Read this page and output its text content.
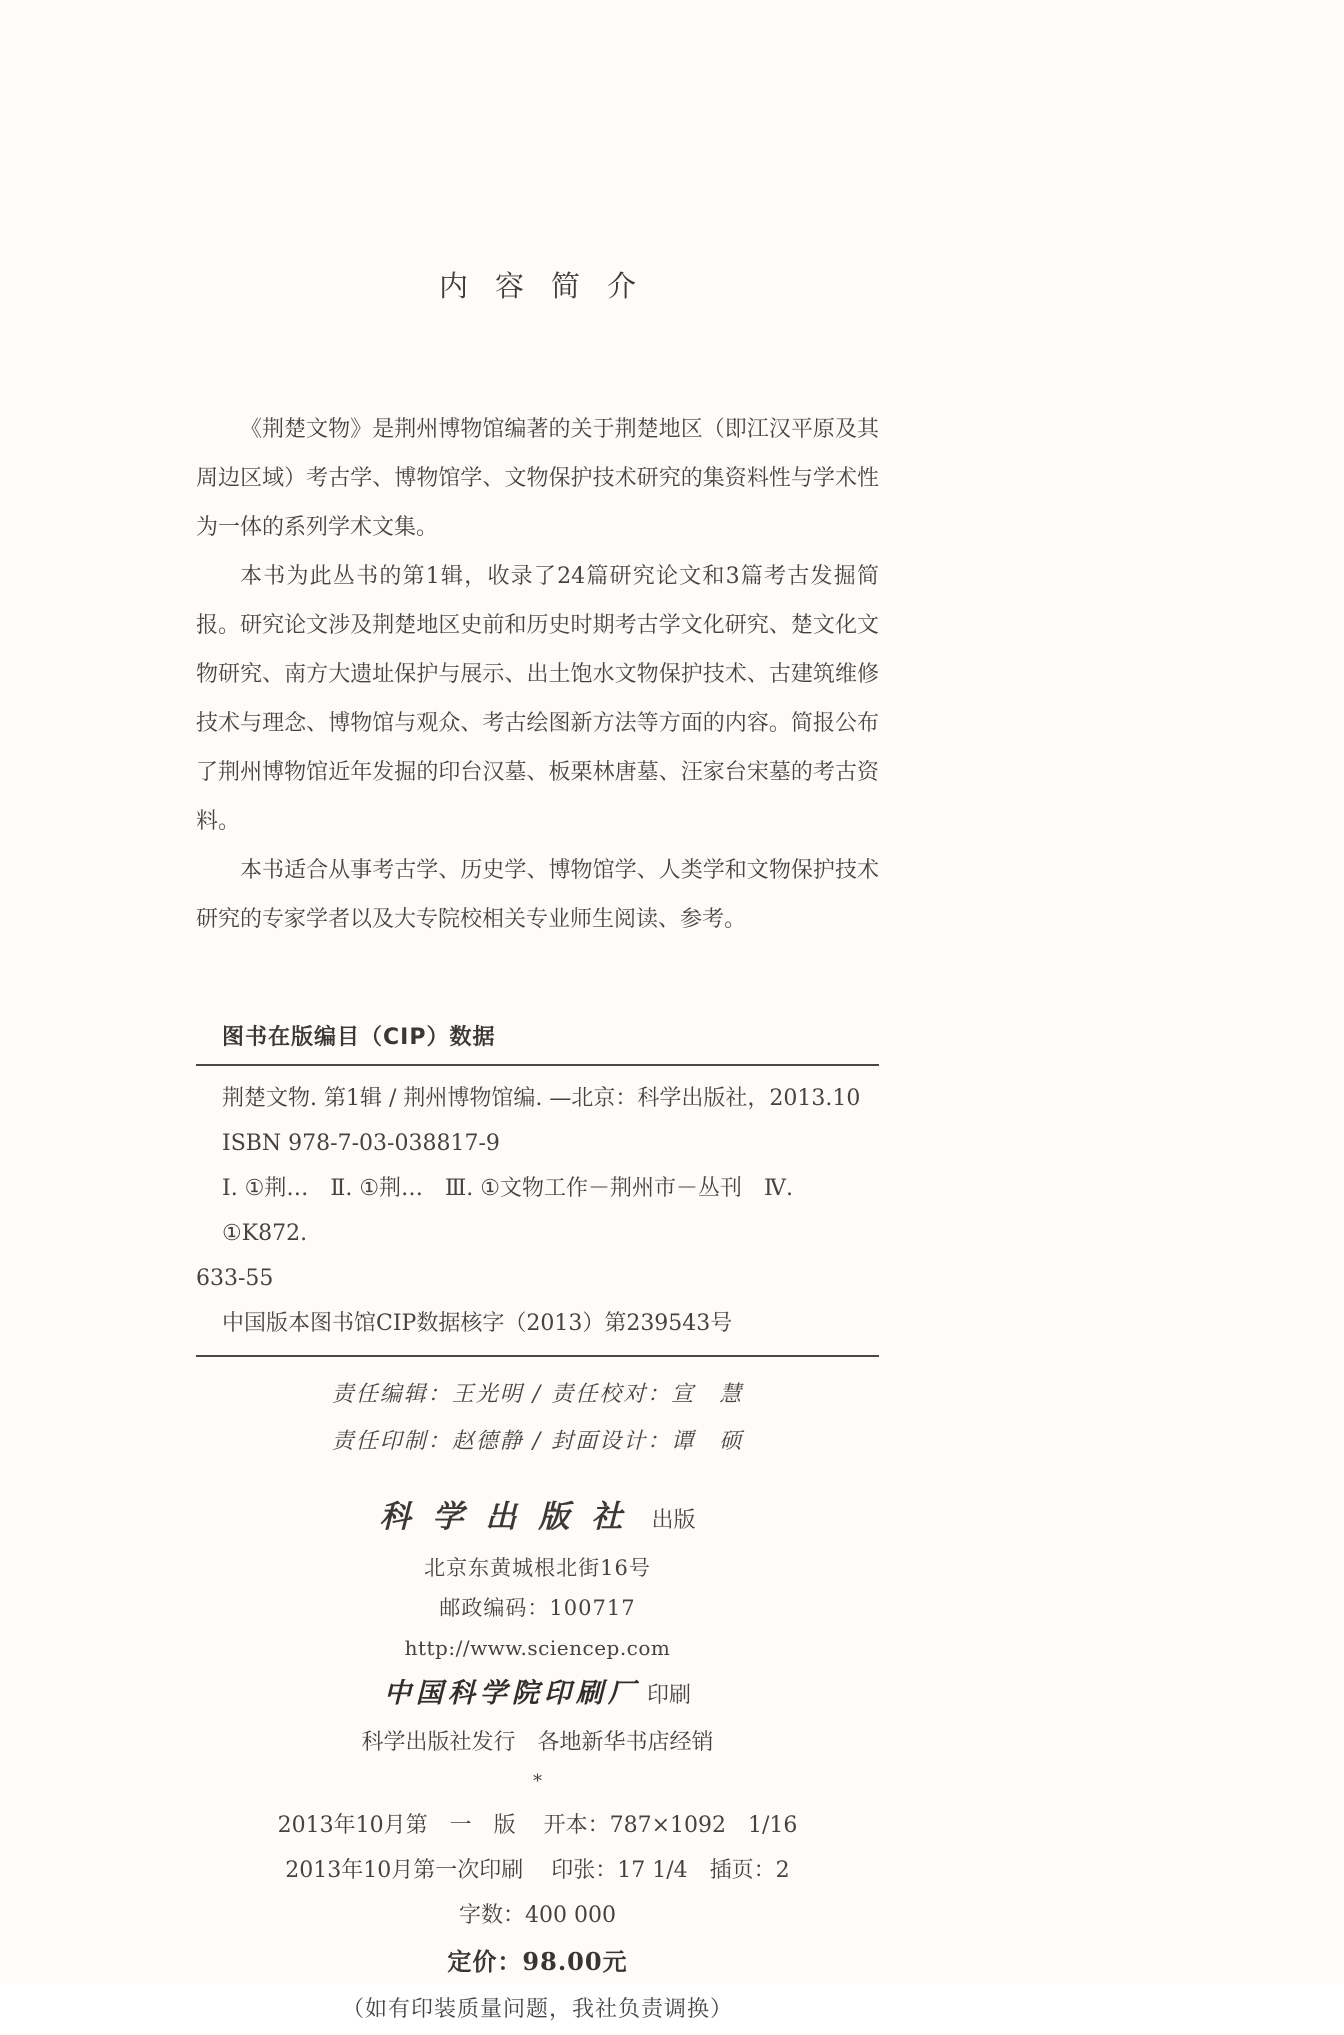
内容简介

《荆楚文物》是荆州博物馆编著的关于荆楚地区（即江汉平原及其周边区域）考古学、博物馆学、文物保护技术研究的集资料性与学术性为一体的系列学术文集。

本书为此丛书的第1辑，收录了24篇研究论文和3篇考古发掘简报。研究论文涉及荆楚地区史前和历史时期考古学文化研究、楚文化文物研究、南方大遗址保护与展示、出土饱水文物保护技术、古建筑维修技术与理念、博物馆与观众、考古绘图新方法等方面的内容。简报公布了荆州博物馆近年发掘的印台汉墓、板栗林唐墓、汪家台宋墓的考古资料。

本书适合从事考古学、历史学、博物馆学、人类学和文物保护技术研究的专家学者以及大专院校相关专业师生阅读、参考。

图书在版编目（CIP）数据
荆楚文物. 第1辑 / 荆州博物馆编. —北京：科学出版社，2013.10
ISBN 978-7-03-038817-9
Ⅰ. ①荆…　Ⅱ. ①荆…　Ⅲ. ①文物工作－荆州市－丛刊　Ⅳ. ①K872.
633-55
中国版本图书馆CIP数据核字（2013）第239543号
责任编辑：王光明 / 责任校对：宣　慧
责任印制：赵德静 / 封面设计：谭　硕
科学出版社 出版
北京东黄城根北街16号
邮政编码：100717
http://www.sciencep.com
中国科学院印刷厂 印刷
科学出版社发行　各地新华书店经销
*
2013年10月第　一　版 开本：787×1092　1/16
2013年10月第一次印刷 印张：17 1/4　插页：2
字数：400 000
定价：98.00元
（如有印装质量问题，我社负责调换）
